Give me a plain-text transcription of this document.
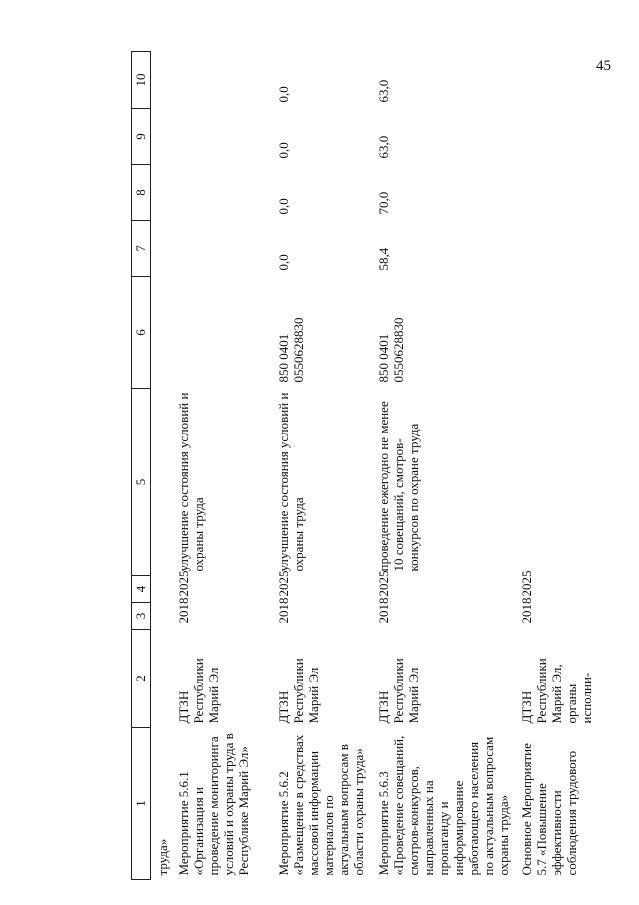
45
1	2	3	4	5	6	7	8	9	10
труда»									
Мероприятие 5.6.1 «Организация и проведение мониторинга условий и охраны труда в Республике Марий Эл»	ДТЗН Республики Марий Эл	2018	2025	улучшение состояния условий и охраны труда					
Мероприятие 5.6.2 «Размещение в средствах массовой информации материалов по актуальным вопросам в области охраны труда»	ДТЗН Республики Марий Эл	2018	2025	улучшение состояния условий и охраны труда	850 0401 0550628830	0,0	0,0	0,0	0,0
Мероприятие 5.6.3 «Проведение совещаний, смотров-конкурсов, направленных на пропаганду и информирование работающего населения по актуальным вопросам охраны труда»	ДТЗН Республики Марий Эл	2018	2025	проведение ежегодно не менее 10 совещаний, смотров-конкурсов по охране труда	850 0401 0550628830	58,4	70,0	63,0	63,0
Основное Мероприятие 5.7 «Повышение эффективности соблюдения трудового	ДТЗН Республики Марий Эл, органы исполни-	2018	2025						
